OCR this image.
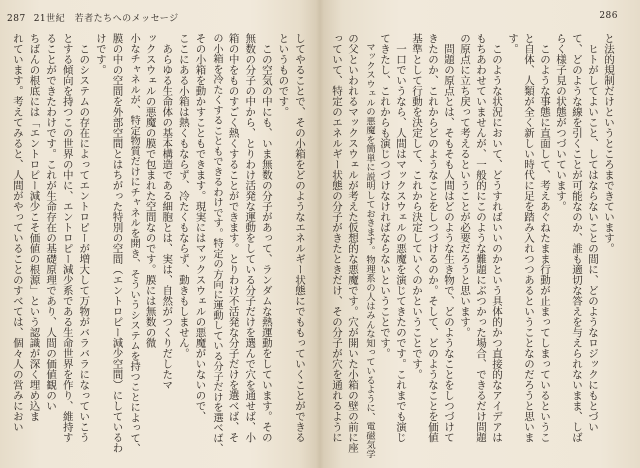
287 21世紀　若者たちへのメッセージ
してやることで、その小箱をどのようなエネルギー状態にでももっていくことができる
というものです。
　この空気の中にも、いま無数の分子があって、ランダムな熱運動をしています。その
無数の分子の中から、とりわけ活発な運動をしている分子だけを選んで穴を通せば、小
箱の中をものすごく熱くすることができます。とりわけ不活発な分子だけを選べば、そ
の小箱を冷たくすることもできるわけです。特定の方向に運動している分子だけを選べば、
その小箱を動かすこともできます。現実にはマックスウェルの悪魔がいないので、
ここにある小箱は熱くもならず、冷たくもならず、動きもしません。
　あらゆる生命体の基本構造である細胞とは、実は、自然がつくりだしたマ
ックスウェルの悪魔の膜で包まれた空間なのです。膜には無数の微
小なチャネルが、特定物質だけにチャネルを開き、そういうシステムを持つことによって、
膜の中の空間を外部空間とはちがった特別の空間（エントロピー減少空間）にしているわ
けです。
　このシステムの存在によってエントロピーが増大して万物がバラバラになっていこう
とする傾向を持つこの世界の中に、エントロピー減少系である生命世界を作り、維持す
ることができたわけです。これが生命存在の基礎原理であり、人間の価値観のい
ちばんの根底には「エントロピー減少こそ価値の根源」という認識が深く埋め込ま
れています。考えてみると、人間がやっていることのすべては、個々人の営みにおい
286
と法的規制だけというところまできています。
　ヒトがしてよいこと、してはならないことの間に、どのようなロジックにもとづい
て、どのような線を引くことが可能なのか、誰も適切な答えを与えられないまま、しば
らく様子見の状態がつづいています。
　このような事態に直面して、考えあぐねたまま行動が止まってしまっているというこ
と自体、人類が全く新しい時代に足を踏み入れつつあるということなのだろうと思いま
す。
　このような状況において、どうすればいいのかという具体的かつ直接的なアイデアは
もちあわせていませんが、一般的にこのような難題にぶつかった場合、できるだけ問題
の原点に立ち戻って考えるということが必要だろうと思います。
　問題の原点とは、そもそも人間はどのような生き物で、どのようなことをしつづけて
きたのか、これからどのようなことをしつづけるのか。そして、どのようなことを価値
基準として行動を決定して、これから決定していくのかということです。
　一口でいうなら、人間はマックスウェルの悪魔を演じてきたのです。これまでも演じ
てきたし、これからも演じつづけなければならないということです。
　マックスウェルの悪魔を簡単に説明しておきます。物理系の人はみんな知っているように、電磁気学
の父といわれるマックスウェルが考えた仮想的な悪魔です。穴が開いた小箱の壁の前に座
っていて、特定のエネルギー状態の分子がきたときだけ、その分子が穴を通れるように
